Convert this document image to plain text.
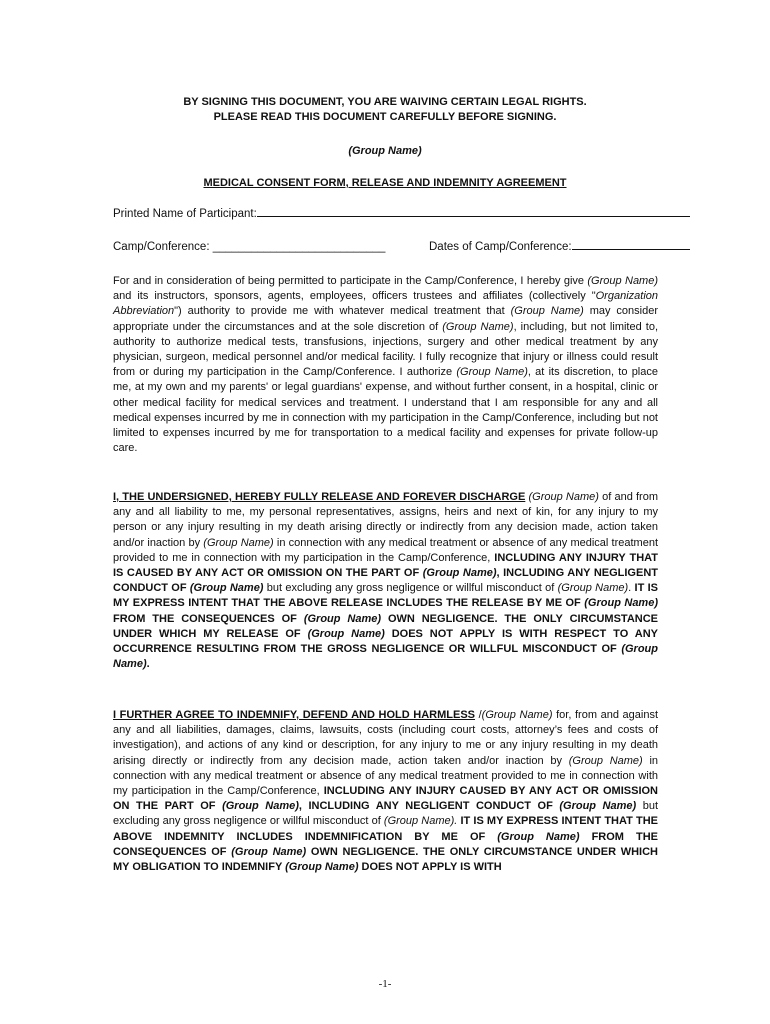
BY SIGNING THIS DOCUMENT, YOU ARE WAIVING CERTAIN LEGAL RIGHTS.
PLEASE READ THIS DOCUMENT CAREFULLY BEFORE SIGNING.
(Group Name)
MEDICAL CONSENT FORM, RELEASE AND INDEMNITY AGREEMENT
Printed Name of Participant:
Camp/Conference: ___________________________	Dates of Camp/Conference:
For and in consideration of being permitted to participate in the Camp/Conference, I hereby give (Group Name) and its instructors, sponsors, agents, employees, officers trustees and affiliates (collectively "Organization Abbreviation") authority to provide me with whatever medical treatment that (Group Name) may consider appropriate under the circumstances and at the sole discretion of (Group Name), including, but not limited to, authority to authorize medical tests, transfusions, injections, surgery and other medical treatment by any physician, surgeon, medical personnel and/or medical facility. I fully recognize that injury or illness could result from or during my participation in the Camp/Conference. I authorize (Group Name), at its discretion, to place me, at my own and my parents' or legal guardians' expense, and without further consent, in a hospital, clinic or other medical facility for medical services and treatment. I understand that I am responsible for any and all medical expenses incurred by me in connection with my participation in the Camp/Conference, including but not limited to expenses incurred by me for transportation to a medical facility and expenses for private follow-up care.
I, THE UNDERSIGNED, HEREBY FULLY RELEASE AND FOREVER DISCHARGE (Group Name) of and from any and all liability to me, my personal representatives, assigns, heirs and next of kin, for any injury to my person or any injury resulting in my death arising directly or indirectly from any decision made, action taken and/or inaction by (Group Name) in connection with any medical treatment or absence of any medical treatment provided to me in connection with my participation in the Camp/Conference, INCLUDING ANY INJURY THAT IS CAUSED BY ANY ACT OR OMISSION ON THE PART OF (Group Name), INCLUDING ANY NEGLIGENT CONDUCT OF (Group Name) but excluding any gross negligence or willful misconduct of (Group Name). IT IS MY EXPRESS INTENT THAT THE ABOVE RELEASE INCLUDES THE RELEASE BY ME OF (Group Name) FROM THE CONSEQUENCES OF (Group Name) OWN NEGLIGENCE. THE ONLY CIRCUMSTANCE UNDER WHICH MY RELEASE OF (Group Name) DOES NOT APPLY IS WITH RESPECT TO ANY OCCURRENCE RESULTING FROM THE GROSS NEGLIGENCE OR WILLFUL MISCONDUCT OF (Group Name).
I FURTHER AGREE TO INDEMNIFY, DEFEND AND HOLD HARMLESS /(Group Name) for, from and against any and all liabilities, damages, claims, lawsuits, costs (including court costs, attorney’s fees and costs of investigation), and actions of any kind or description, for any injury to me or any injury resulting in my death arising directly or indirectly from any decision made, action taken and/or inaction by (Group Name) in connection with any medical treatment or absence of any medical treatment provided to me in connection with my participation in the Camp/Conference, INCLUDING ANY INJURY CAUSED BY ANY ACT OR OMISSION ON THE PART OF (Group Name), INCLUDING ANY NEGLIGENT CONDUCT OF (Group Name) but excluding any gross negligence or willful misconduct of (Group Name). IT IS MY EXPRESS INTENT THAT THE ABOVE INDEMNITY INCLUDES INDEMNIFICATION BY ME OF (Group Name) FROM THE CONSEQUENCES OF (Group Name) OWN NEGLIGENCE. THE ONLY CIRCUMSTANCE UNDER WHICH MY OBLIGATION TO INDEMNIFY (Group Name) DOES NOT APPLY IS WITH
-1-
